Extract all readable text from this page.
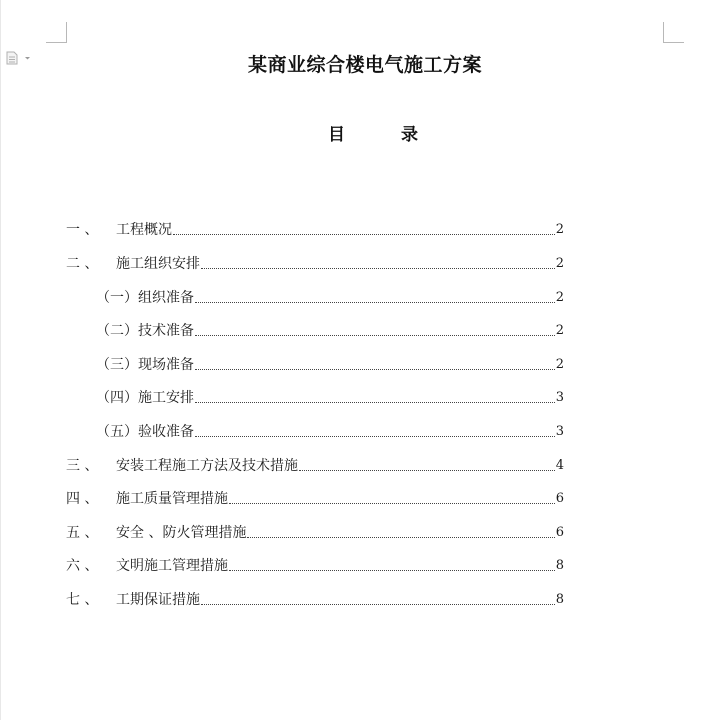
某商业综合楼电气施工方案
目	录
一 、	工程概况	2
二 、	施工组织安排	2
（一） 组织准备	2
（二） 技术准备	2
（三） 现场准备	2
（四） 施工安排	3
（五） 验收准备	3
三 、	安装工程施工方法及技术措施	4
四 、	施工质量管理措施	6
五 、	安全 、防火管理措施	6
六 、	文明施工管理措施	8
七 、	工期保证措施	8
